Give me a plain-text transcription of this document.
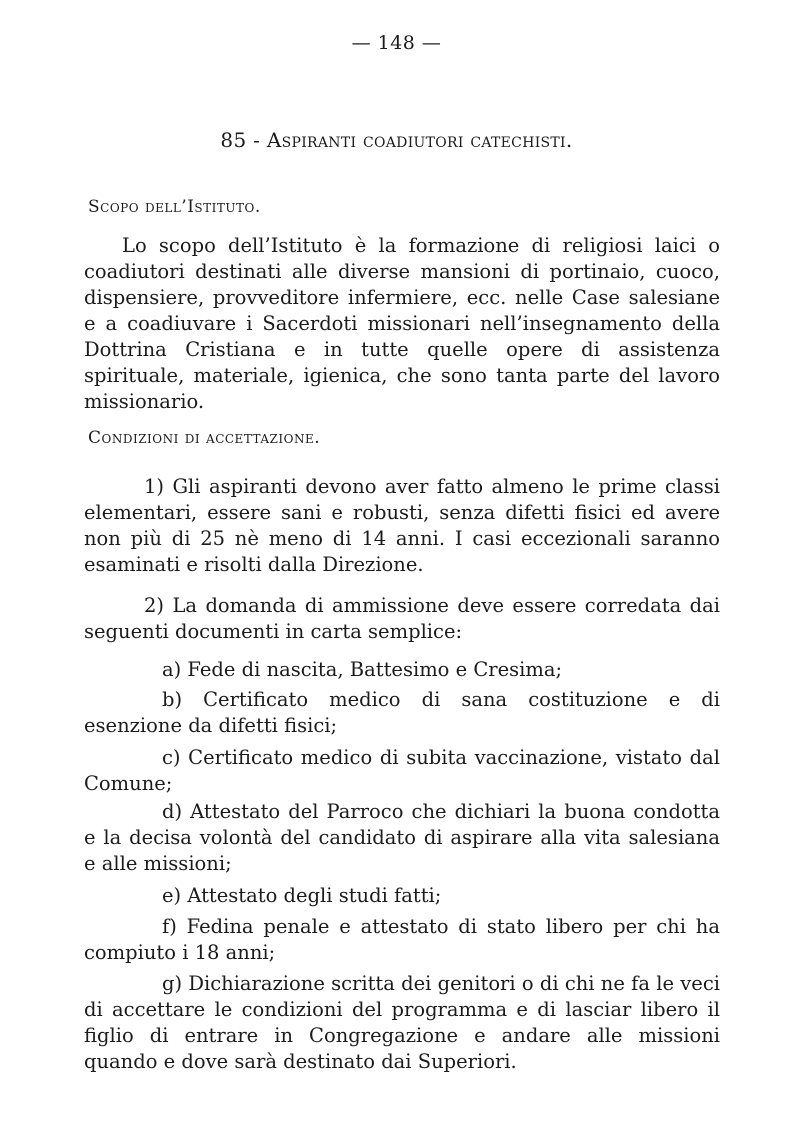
— 148 —
85 - Aspiranti coadiutori catechisti.
Scopo dell’Istituto.

Lo scopo dell’Istituto è la formazione di religiosi laici o coadiutori destinati alle diverse mansioni di portinaio, cuoco, dispensiere, provveditore infermiere, ecc. nelle Case salesiane e a coadiuvare i Sacerdoti missionari nell’insegnamento della Dottrina Cristiana e in tutte quelle opere di assistenza spirituale, materiale, igienica, che sono tanta parte del lavoro missionario.

Condizioni di accettazione.

1) Gli aspiranti devono aver fatto almeno le prime classi elementari, essere sani e robusti, senza difetti fisici ed avere non più di 25 nè meno di 14 anni. I casi eccezionali saranno esaminati e risolti dalla Direzione.

2) La domanda di ammissione deve essere corredata dai seguenti documenti in carta semplice:

a) Fede di nascita, Battesimo e Cresima;

b) Certificato medico di sana costituzione e di esenzione da difetti fisici;

c) Certificato medico di subita vaccinazione, vistato dal Comune;

d) Attestato del Parroco che dichiari la buona condotta e la decisa volontà del candidato di aspirare alla vita salesiana e alle missioni;

e) Attestato degli studi fatti;

f) Fedina penale e attestato di stato libero per chi ha compiuto i 18 anni;

g) Dichiarazione scritta dei genitori o di chi ne fa le veci di accettare le condizioni del programma e di lasciar libero il figlio di entrare in Congregazione e andare alle missioni quando e dove sarà destinato dai Superiori.
